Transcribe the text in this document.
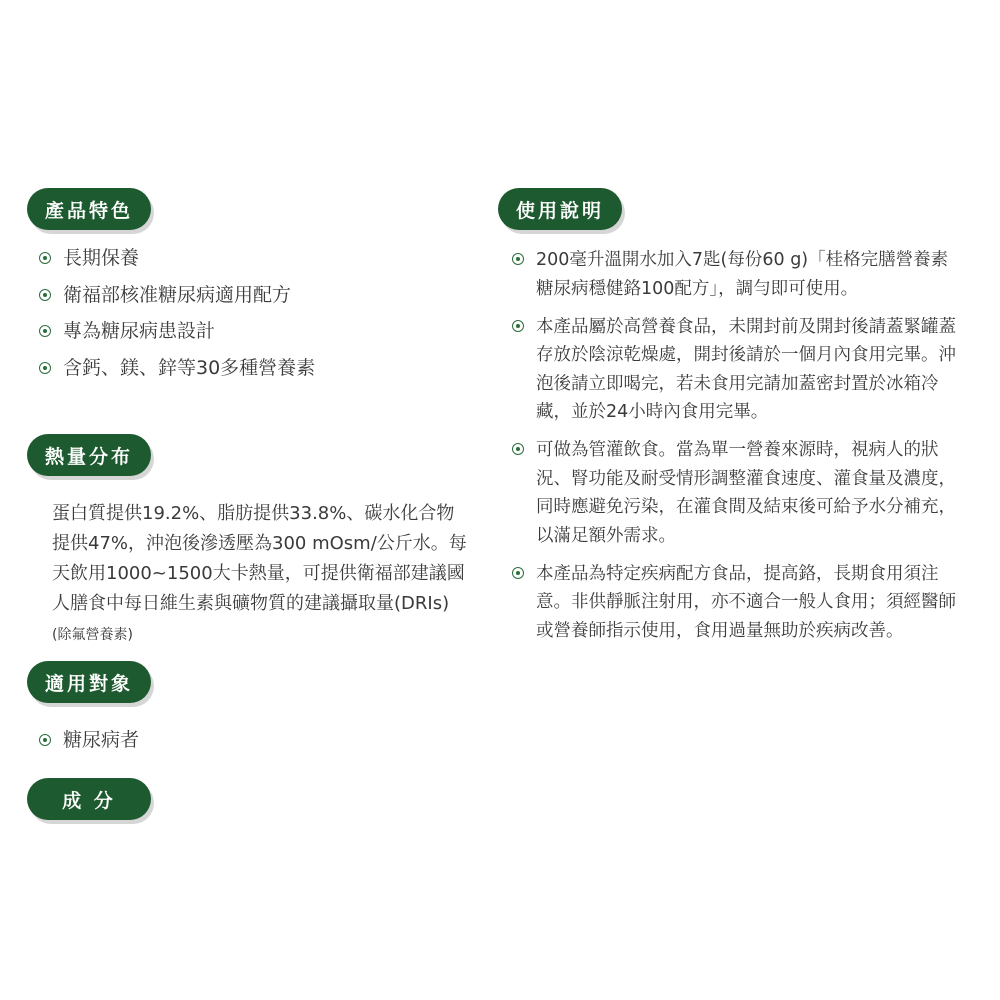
產品特色
長期保養
衛福部核准糖尿病適用配方
專為糖尿病患設計
含鈣、鎂、鋅等30多種營養素
熱量分布

蛋白質提供19.2%、脂肪提供33.8%、碳水化合物提供47%，沖泡後滲透壓為300 mOsm/公斤水。每天飲用1000~1500大卡熱量，可提供衛福部建議國人膳食中每日維生素與礦物質的建議攝取量(DRIs) (除氟營養素)

適用對象
糖尿病者
成 分
使用說明
200毫升溫開水加入7匙(每份60 g)「桂格完膳營養素糖尿病穩健鉻100配方」，調勻即可使用。
本產品屬於高營養食品，未開封前及開封後請蓋緊罐蓋存放於陰涼乾燥處，開封後請於一個月內食用完畢。沖泡後請立即喝完，若未食用完請加蓋密封置於冰箱冷藏，並於24小時內食用完畢。
可做為管灌飲食。當為單一營養來源時，視病人的狀況、腎功能及耐受情形調整灌食速度、灌食量及濃度，同時應避免污染，在灌食間及結束後可給予水分補充，以滿足額外需求。
本產品為特定疾病配方食品，提高鉻，長期食用須注意。非供靜脈注射用，亦不適合一般人食用；須經醫師或營養師指示使用，食用過量無助於疾病改善。
